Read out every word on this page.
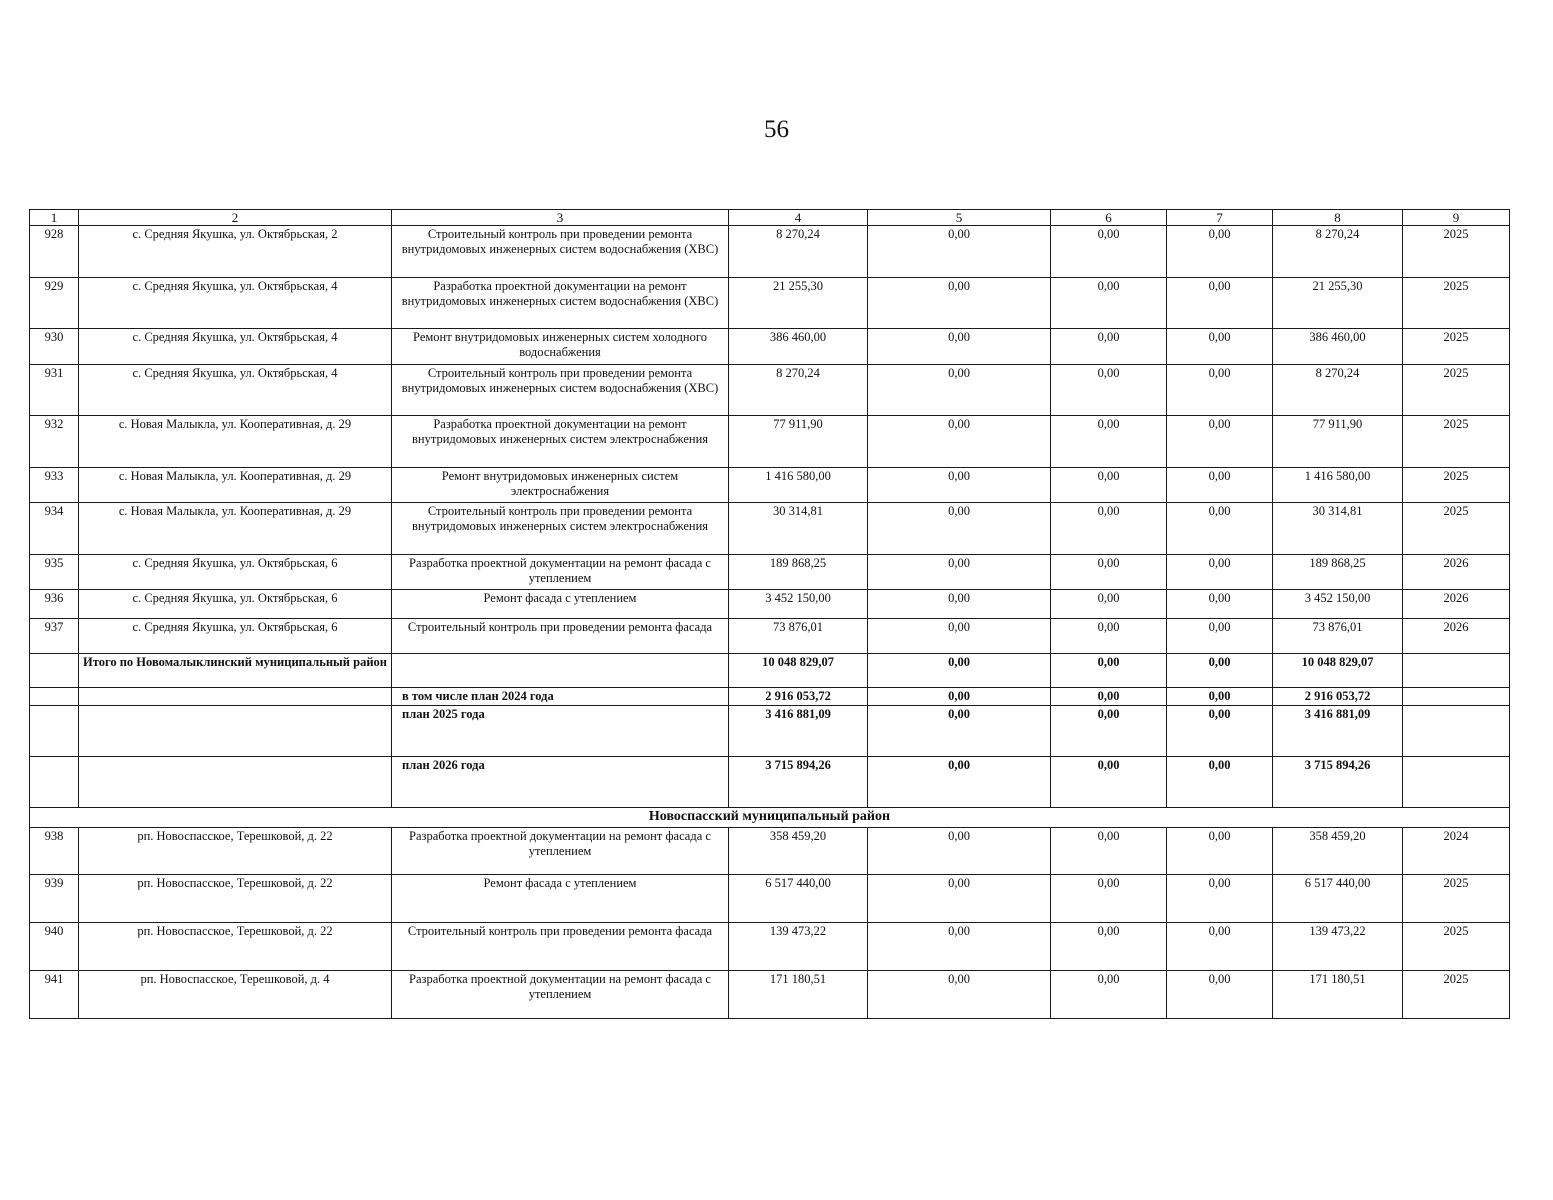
56
1	2	3	4	5	6	7	8	9
928	с. Средняя Якушка, ул. Октябрьская, 2	Строительный контроль при проведении ремонта внутридомовых инженерных систем водоснабжения (ХВС)	8 270,24	0,00	0,00	0,00	8 270,24	2025
929	с. Средняя Якушка, ул. Октябрьская, 4	Разработка проектной документации на ремонт внутридомовых инженерных систем водоснабжения (ХВС)	21 255,30	0,00	0,00	0,00	21 255,30	2025
930	с. Средняя Якушка, ул. Октябрьская, 4	Ремонт внутридомовых инженерных систем холодного водоснабжения	386 460,00	0,00	0,00	0,00	386 460,00	2025
931	с. Средняя Якушка, ул. Октябрьская, 4	Строительный контроль при проведении ремонта внутридомовых инженерных систем водоснабжения (ХВС)	8 270,24	0,00	0,00	0,00	8 270,24	2025
932	с. Новая Малыкла, ул. Кооперативная, д. 29	Разработка проектной документации на ремонт внутридомовых инженерных систем электроснабжения	77 911,90	0,00	0,00	0,00	77 911,90	2025
933	с. Новая Малыкла, ул. Кооперативная, д. 29	Ремонт внутридомовых инженерных систем электроснабжения	1 416 580,00	0,00	0,00	0,00	1 416 580,00	2025
934	с. Новая Малыкла, ул. Кооперативная, д. 29	Строительный контроль при проведении ремонта внутридомовых инженерных систем электроснабжения	30 314,81	0,00	0,00	0,00	30 314,81	2025
935	с. Средняя Якушка, ул. Октябрьская, 6	Разработка проектной документации на ремонт фасада с утеплением	189 868,25	0,00	0,00	0,00	189 868,25	2026
936	с. Средняя Якушка, ул. Октябрьская, 6	Ремонт фасада с утеплением	3 452 150,00	0,00	0,00	0,00	3 452 150,00	2026
937	с. Средняя Якушка, ул. Октябрьская, 6	Строительный контроль при проведении ремонта фасада	73 876,01	0,00	0,00	0,00	73 876,01	2026
	Итого по Новомалыклинский муниципальный район		10 048 829,07	0,00	0,00	0,00	10 048 829,07	
		в том числе план 2024 года	2 916 053,72	0,00	0,00	0,00	2 916 053,72	
		план 2025 года	3 416 881,09	0,00	0,00	0,00	3 416 881,09	
		план 2026 года	3 715 894,26	0,00	0,00	0,00	3 715 894,26	
Новоспасский муниципальный район								
938	рп. Новоспасское, Терешковой, д. 22	Разработка проектной документации на ремонт фасада с утеплением	358 459,20	0,00	0,00	0,00	358 459,20	2024
939	рп. Новоспасское, Терешковой, д. 22	Ремонт фасада с утеплением	6 517 440,00	0,00	0,00	0,00	6 517 440,00	2025
940	рп. Новоспасское, Терешковой, д. 22	Строительный контроль при проведении ремонта фасада	139 473,22	0,00	0,00	0,00	139 473,22	2025
941	рп. Новоспасское, Терешковой, д. 4	Разработка проектной документации на ремонт фасада с утеплением	171 180,51	0,00	0,00	0,00	171 180,51	2025
